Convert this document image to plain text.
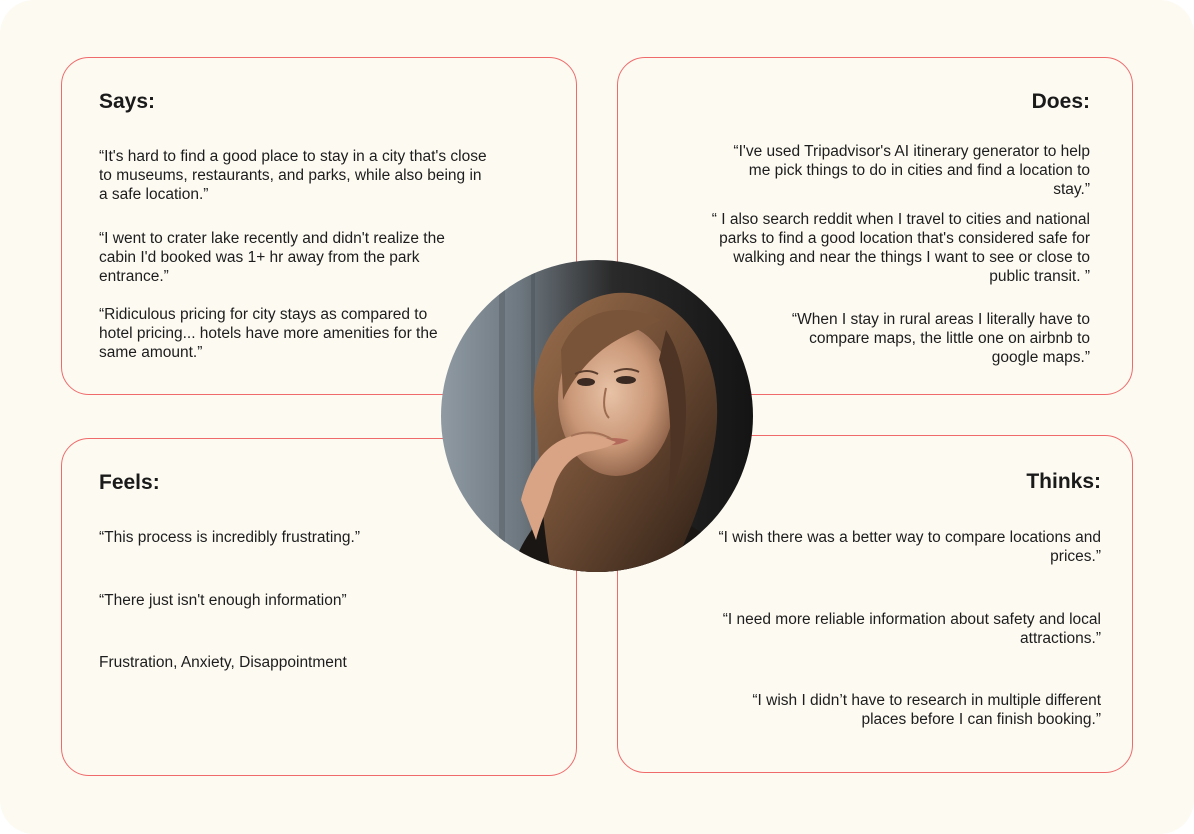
Says:

“It's hard to find a good place to stay in a city that's close to museums, restaurants, and parks, while also being in a safe location.”

“I went to crater lake recently and didn't realize the cabin I'd booked was 1+ hr away from the park entrance.”

“Ridiculous pricing for city stays as compared to hotel pricing... hotels have more amenities for the same amount.”

Does:

“I've used Tripadvisor's AI itinerary generator to help me pick things to do in cities and find a location to stay.”

“ I also search reddit when I travel to cities and national parks to find a good location that's considered safe for walking and near the things I want to see or close to public transit. ”

“When I stay in rural areas I literally have to compare maps, the little one on airbnb to google maps.”

Feels:

“This process is incredibly frustrating.”

“There just isn't enough information”

Frustration, Anxiety, Disappointment

Thinks:

“I wish there was a better way to compare locations and prices.”

“I need more reliable information about safety and local attractions.”

“I wish I didn’t have to research in multiple different places before I can finish booking.”
